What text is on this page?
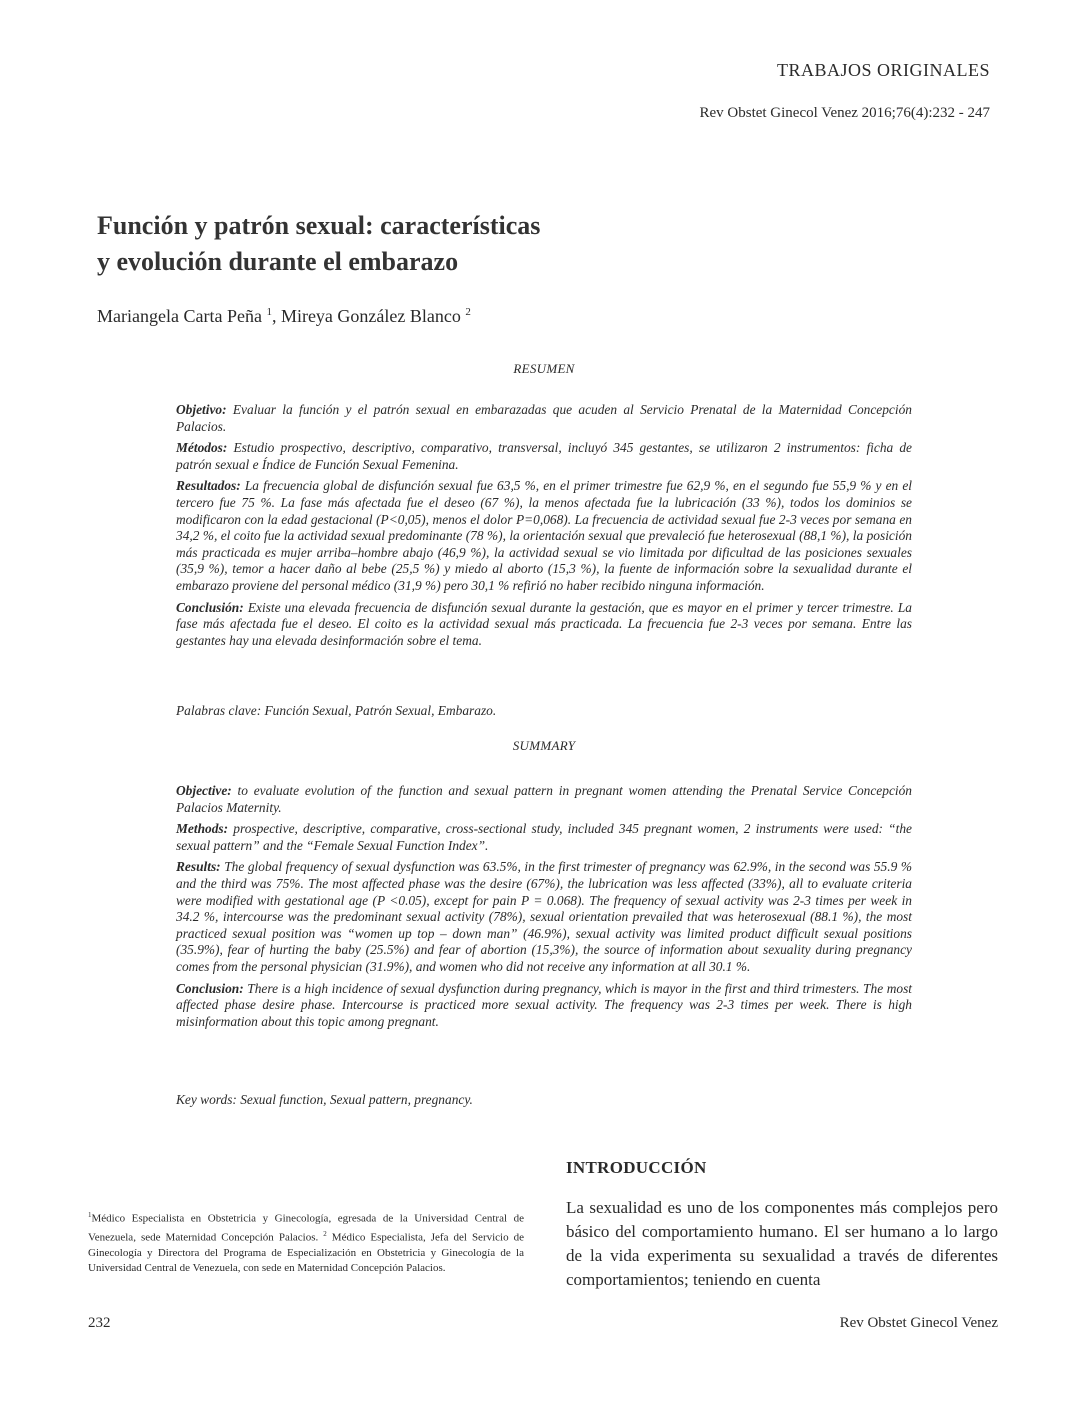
TRABAJOS ORIGINALES
Rev Obstet Ginecol Venez 2016;76(4):232 - 247
Función y patrón sexual: características
y evolución durante el embarazo
Mariangela Carta Peña $^1$, Mireya González Blanco $^2$
RESUMEN

Objetivo: Evaluar la función y el patrón sexual en embarazadas que acuden al Servicio Prenatal de la Maternidad Concepción Palacios.

Métodos: Estudio prospectivo, descriptivo, comparativo, transversal, incluyó 345 gestantes, se utilizaron 2 instrumentos: ficha de patrón sexual e Índice de Función Sexual Femenina.

Resultados: La frecuencia global de disfunción sexual fue 63,5 %, en el primer trimestre fue 62,9 %, en el segundo fue 55,9 % y en el tercero fue 75 %. La fase más afectada fue el deseo (67 %), la menos afectada fue la lubricación (33 %), todos los dominios se modificaron con la edad gestacional (P<0,05), menos el dolor P=0,068). La frecuencia de actividad sexual fue 2-3 veces por semana en 34,2 %, el coito fue la actividad sexual predominante (78 %), la orientación sexual que prevaleció fue heterosexual (88,1 %), la posición más practicada es mujer arriba–hombre abajo (46,9 %), la actividad sexual se vio limitada por dificultad de las posiciones sexuales (35,9 %), temor a hacer daño al bebe (25,5 %) y miedo al aborto (15,3 %), la fuente de información sobre la sexualidad durante el embarazo proviene del personal médico (31,9 %) pero 30,1 % refirió no haber recibido ninguna información.

Conclusión: Existe una elevada frecuencia de disfunción sexual durante la gestación, que es mayor en el primer y tercer trimestre. La fase más afectada fue el deseo. El coito es la actividad sexual más practicada. La frecuencia fue 2-3 veces por semana. Entre las gestantes hay una elevada desinformación sobre el tema.

Palabras clave: Función Sexual, Patrón Sexual, Embarazo.
SUMMARY

Objective: to evaluate evolution of the function and sexual pattern in pregnant women attending the Prenatal Service Concepción Palacios Maternity.

Methods: prospective, descriptive, comparative, cross-sectional study, included 345 pregnant women, 2 instruments were used: “the sexual pattern” and the “Female Sexual Function Index”.

Results: The global frequency of sexual dysfunction was 63.5%, in the first trimester of pregnancy was 62.9%, in the second was 55.9 % and the third was 75%. The most affected phase was the desire (67%), the lubrication was less affected (33%), all to evaluate criteria were modified with gestational age (P <0.05), except for pain P = 0.068). The frequency of sexual activity was 2-3 times per week in 34.2 %, intercourse was the predominant sexual activity (78%), sexual orientation prevailed that was heterosexual (88.1 %), the most practiced sexual position was “women up top – down man” (46.9%), sexual activity was limited product difficult sexual positions (35.9%), fear of hurting the baby (25.5%) and fear of abortion (15,3%), the source of information about sexuality during pregnancy comes from the personal physician (31.9%), and women who did not receive any information at all 30.1 %.

Conclusion: There is a high incidence of sexual dysfunction during pregnancy, which is mayor in the first and third trimesters. The most affected phase desire phase. Intercourse is practiced more sexual activity. The frequency was 2-3 times per week. There is high misinformation about this topic among pregnant.

Key words: Sexual function, Sexual pattern, pregnancy.
INTRODUCCIÓN
La sexualidad es uno de los componentes más complejos pero básico del comportamiento humano. El ser humano a lo largo de la vida experimenta su sexualidad a través de diferentes comportamientos; teniendo en cuenta
$^1$Médico Especialista en Obstetricia y Ginecología, egresada de la Universidad Central de Venezuela, sede Maternidad Concepción Palacios. $^2$ Médico Especialista, Jefa del Servicio de Ginecología y Directora del Programa de Especialización en Obstetricia y Ginecología de la Universidad Central de Venezuela, con sede en Maternidad Concepción Palacios.
232	Rev Obstet Ginecol Venez
